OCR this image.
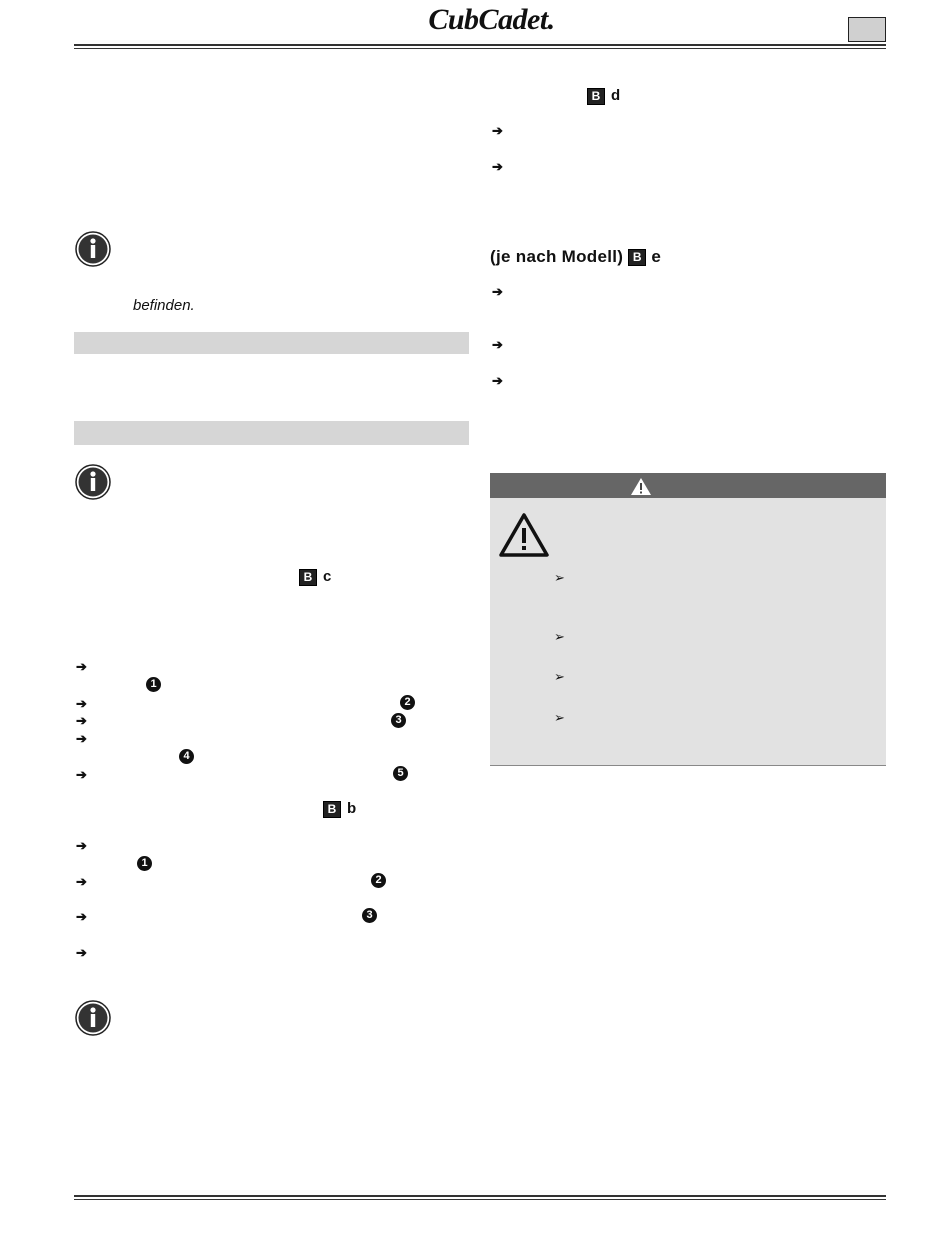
CubCadet.
befinden.
B c
➔
1
➔	2
➔	3
➔
4
➔	5
B b
➔
1
➔	2
➔	3
➔
B d
➔
➔
(je nach Modell) B e
➔
➔
➔
➢
➢
➢
➢
